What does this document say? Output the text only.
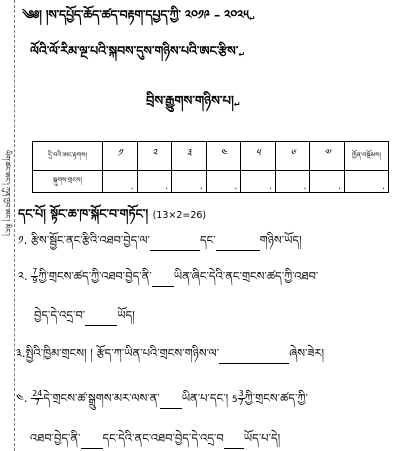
ཡིག་ཚང་ཨང་། ཀུན་ཁྱབ་ཨང་། མིང་།
༄༅། །ས་དཔྱོད་ཆོད་ཚད་བརྟག་དཔྱད་ཀྱི་ ༢༠༡༩ – ༢༠༢༥↵
ལོའི་ལོ་རིམ་ལྔ་པའི་སྐབས་དུས་གཉིས་པའི་ཨང་རྩིས་↵
བྲིས་རྒྱུགས་གཉིས་པ།↵
དྲི་བའི་ཨང་རྟགས།	༡	༢	༣	༤	༥	༦	༧	ཁྱོན་བསྡོམས།
སྐུགས་གྲངས།	.	.	.	.	.	.	.	.
དང་པོ། སྟོང་ཆ་ཁ་སྐོང་བ་གཏོང་། (13×2=26)
༡. རྩིས་སྦྱོང་ནང་རྩིའི་འཐབ་བྱེད་ལ་	དང་	གཉིས་ཡོད།
༢. $\frac{7}{9}$ ཀྱི་གྲངས་ཚད་ཀྱི་འཐབ་བྱེད་ནི་ ཡིན་ཞིང་དེའི་ནང་གྲངས་ཚད་ཀྱི་འཐབ་
བྱེད་དེ་འདྲ་བ་	ཡོད།
༣.སྤྱིའི་ཁྱིམ་གྲངས། ། རྩོད་ཀ་ཡིན་པའི་གྲངས་གཉིས་ལ་	ཞེས་ཟེར།
༤. $\frac{24}{7}$ དེ་གྲངས་ཚ་སྒྲུགས་མར་ལས་ན་ ཡིན་པ་དང་། $5 \frac{3}{7}$ ཀྱི་གྲངས་ཚད་ཀྱི་
འཐབ་བྱེད་ནི་ དང་དེའི་ནང་འཐབ་བྱེད་དེ་འདྲ་བ ཡོད་པ་དེ།
